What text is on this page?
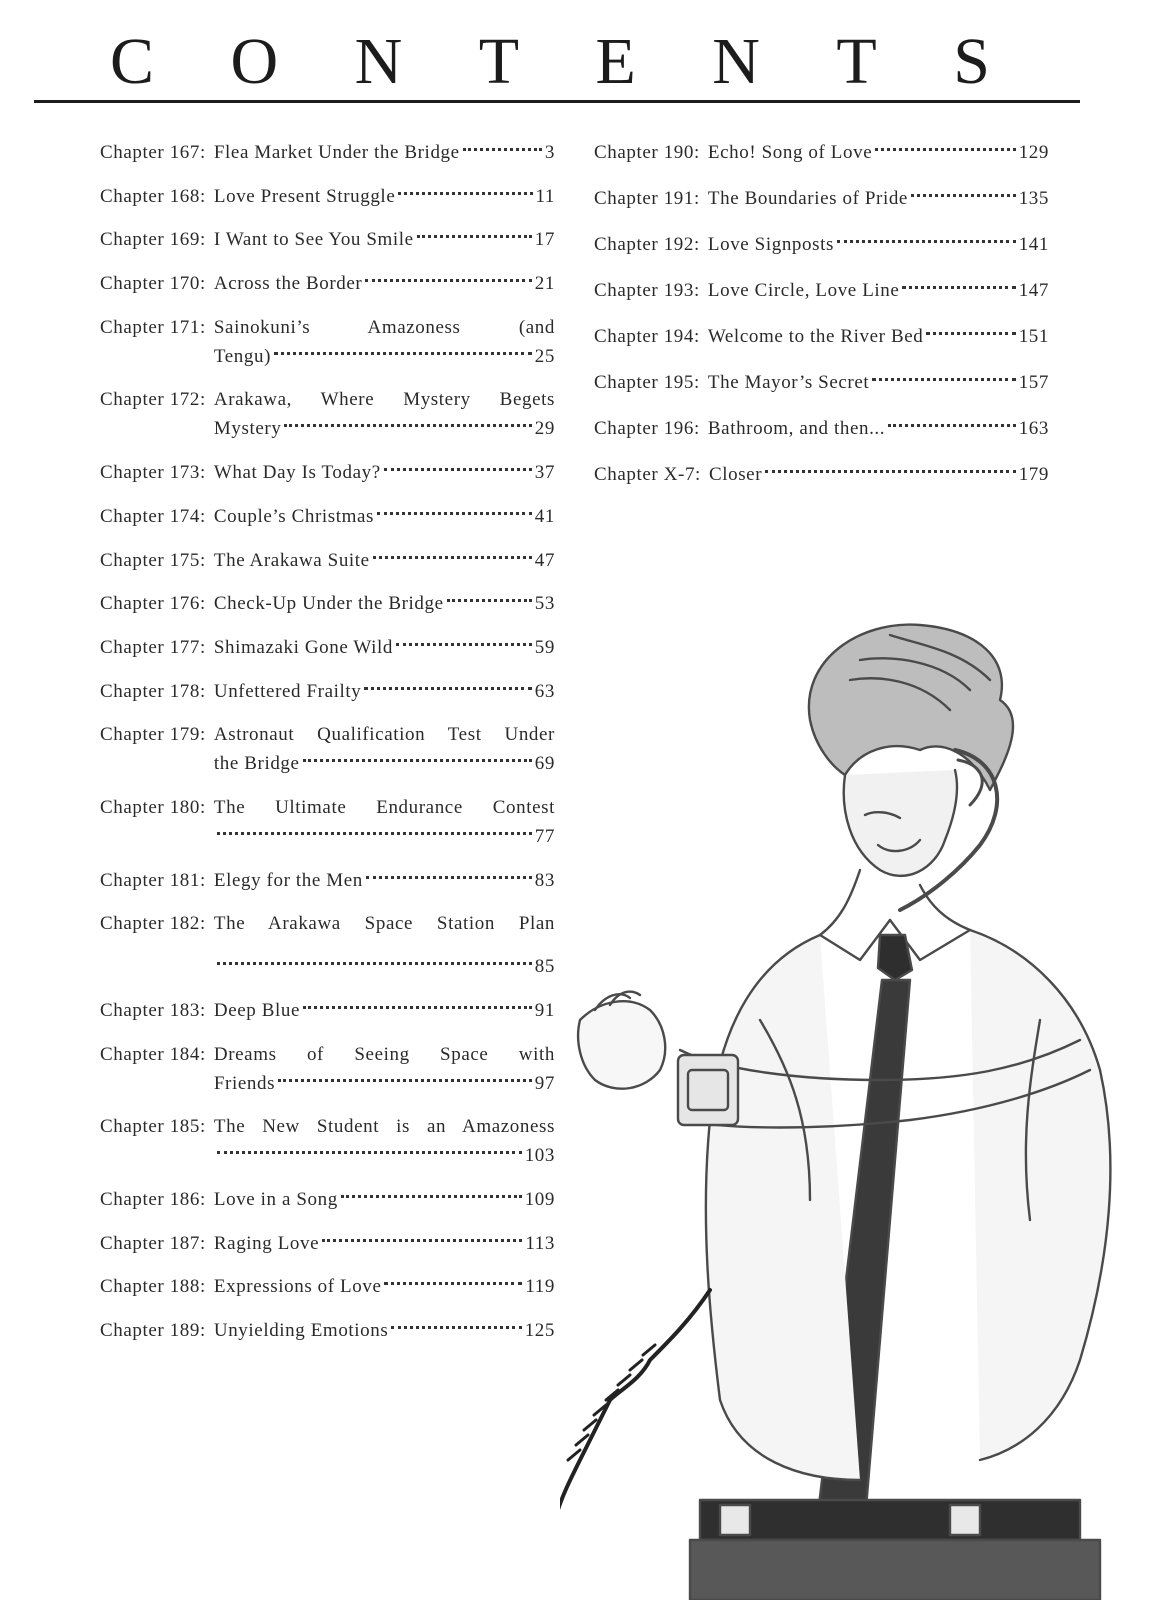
C O N T E N T S
Chapter 167: Flea Market Under the Bridge	3
Chapter 168: Love Present Struggle	11
Chapter 169: I Want to See You Smile	17
Chapter 170: Across the Border	21
Chapter 171: Sainokuni’s Amazoness (and
Tengu)	25
Chapter 172: Arakawa, Where Mystery Begets
Mystery	29
Chapter 173: What Day Is Today?	37
Chapter 174: Couple’s Christmas	41
Chapter 175: The Arakawa Suite	47
Chapter 176: Check-Up Under the Bridge	53
Chapter 177: Shimazaki Gone Wild	59
Chapter 178: Unfettered Frailty	63
Chapter 179: Astronaut Qualification Test Under
the Bridge	69
Chapter 180: The Ultimate Endurance Contest
77
Chapter 181: Elegy for the Men	83
Chapter 182: The Arakawa Space Station Plan
85
Chapter 183: Deep Blue	91
Chapter 184: Dreams of Seeing Space with
Friends	97
Chapter 185: The New Student is an Amazoness
103
Chapter 186: Love in a Song	109
Chapter 187: Raging Love	113
Chapter 188: Expressions of Love	119
Chapter 189: Unyielding Emotions	125
Chapter 190: Echo! Song of Love	129
Chapter 191: The Boundaries of Pride	135
Chapter 192: Love Signposts	141
Chapter 193: Love Circle, Love Line	147
Chapter 194: Welcome to the River Bed	151
Chapter 195: The Mayor’s Secret	157
Chapter 196: Bathroom, and then...	163
Chapter X-7: Closer	179
